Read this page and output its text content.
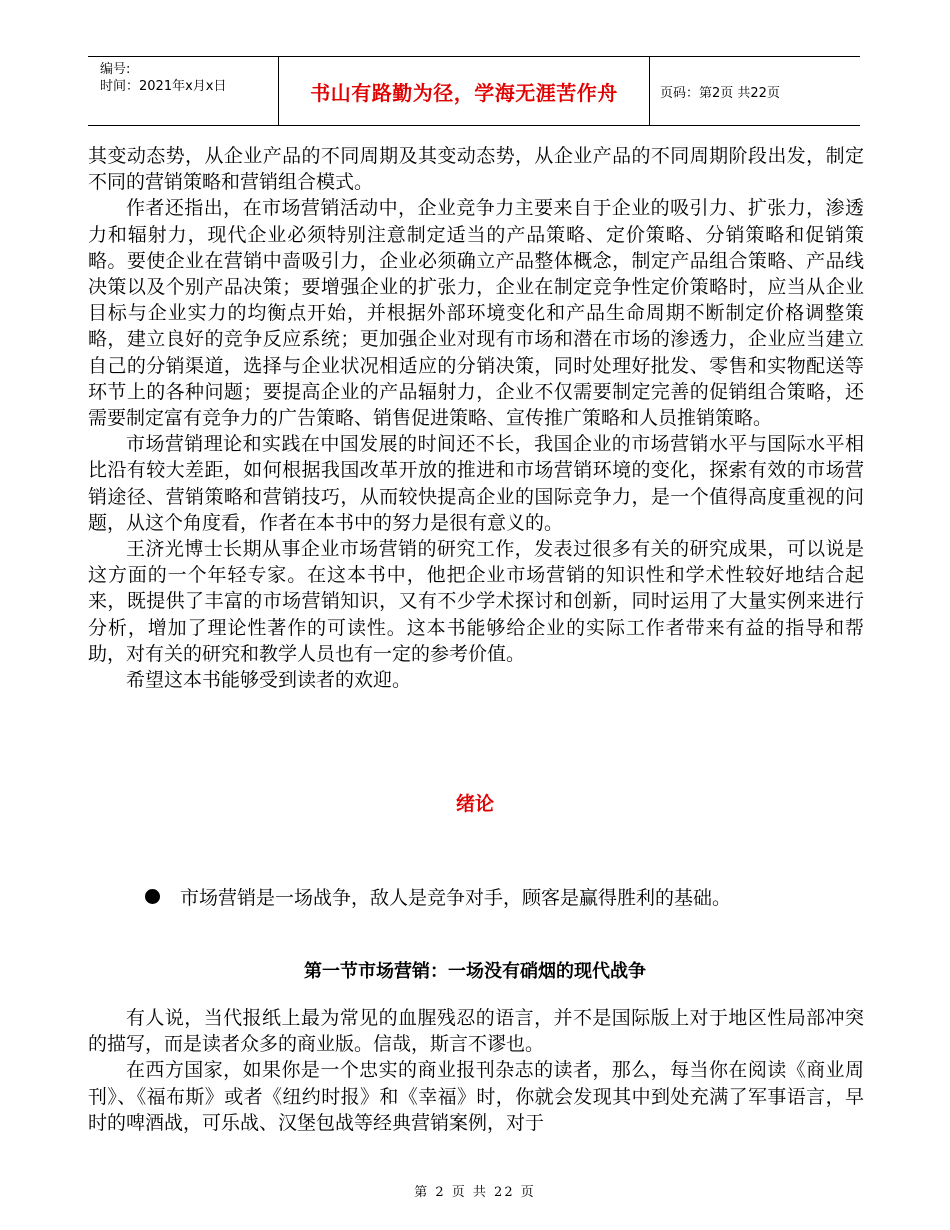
编号:
时间：2021年x月x日	书山有路勤为径，学海无涯苦作舟	页码：第2页 共22页

其变动态势，从企业产品的不同周期及其变动态势，从企业产品的不同周期阶段出发，制定不同的营销策略和营销组合模式。

作者还指出，在市场营销活动中，企业竞争力主要来自于企业的吸引力、扩张力，渗透力和辐射力，现代企业必须特别注意制定适当的产品策略、定价策略、分销策略和促销策略。要使企业在营销中啬吸引力，企业必须确立产品整体概念，制定产品组合策略、产品线决策以及个别产品决策；要增强企业的扩张力，企业在制定竞争性定价策略时，应当从企业目标与企业实力的均衡点开始，并根据外部环境变化和产品生命周期不断制定价格调整策略，建立良好的竞争反应系统；更加强企业对现有市场和潜在市场的渗透力，企业应当建立自己的分销渠道，选择与企业状况相适应的分销决策，同时处理好批发、零售和实物配送等环节上的各种问题；要提高企业的产品辐射力，企业不仅需要制定完善的促销组合策略，还需要制定富有竞争力的广告策略、销售促进策略、宣传推广策略和人员推销策略。

市场营销理论和实践在中国发展的时间还不长，我国企业的市场营销水平与国际水平相比沿有较大差距，如何根据我国改革开放的推进和市场营销环境的变化，探索有效的市场营销途径、营销策略和营销技巧，从而较快提高企业的国际竞争力，是一个值得高度重视的问题，从这个角度看，作者在本书中的努力是很有意义的。

王济光博士长期从事企业市场营销的研究工作，发表过很多有关的研究成果，可以说是这方面的一个年轻专家。在这本书中，他把企业市场营销的知识性和学术性较好地结合起来，既提供了丰富的市场营销知识，又有不少学术探讨和创新，同时运用了大量实例来进行分析，增加了理论性著作的可读性。这本书能够给企业的实际工作者带来有益的指导和帮助，对有关的研究和教学人员也有一定的参考价值。

希望这本书能够受到读者的欢迎。

绪论
市场营销是一场战争，敌人是竞争对手，顾客是赢得胜利的基础。
第一节市场营销：一场没有硝烟的现代战争

有人说，当代报纸上最为常见的血腥残忍的语言，并不是国际版上对于地区性局部冲突的描写，而是读者众多的商业版。信哉，斯言不谬也。

在西方国家，如果你是一个忠实的商业报刊杂志的读者，那么，每当你在阅读《商业周刊》、《福布斯》或者《纽约时报》和《幸福》时，你就会发现其中到处充满了军事语言，早时的啤酒战，可乐战、汉堡包战等经典营销案例，对于

第 2 页 共 22 页
